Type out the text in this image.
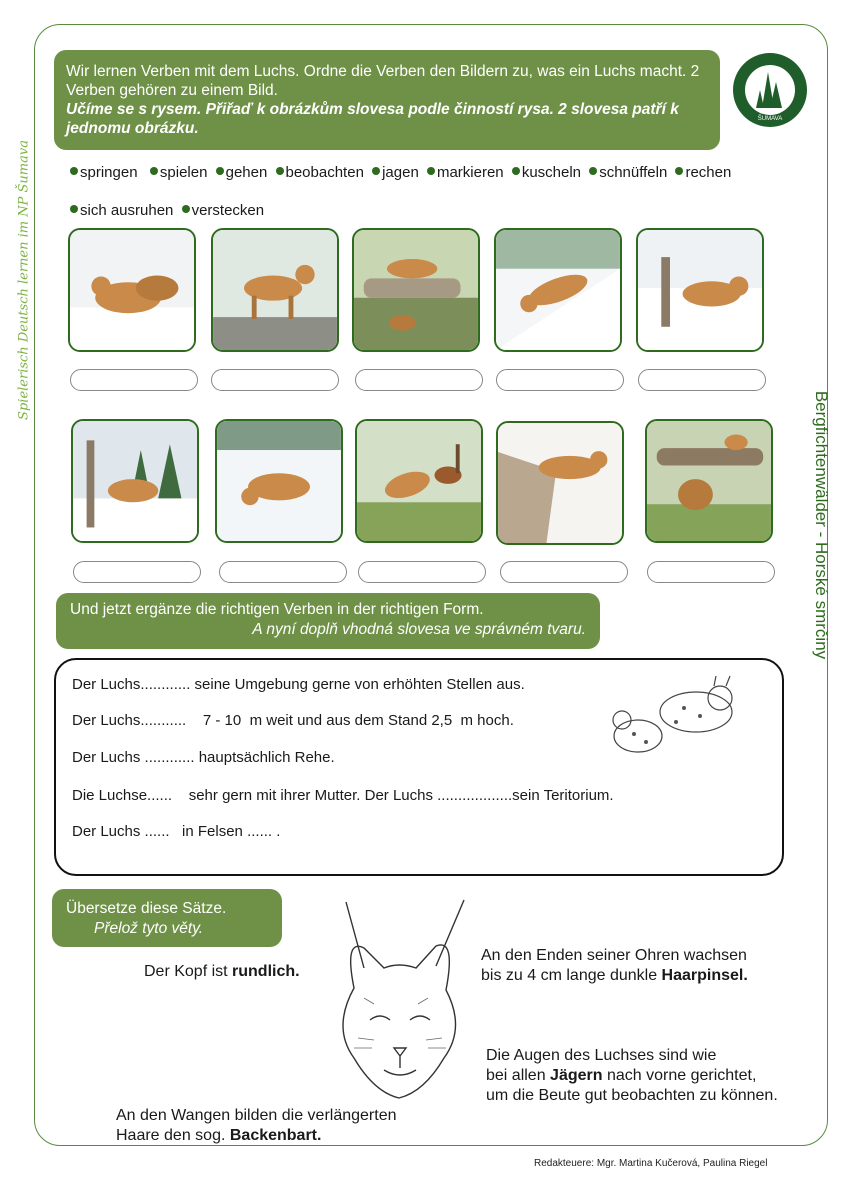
Spielerisch Deutsch lernen im NP Šumava
Bergfichtenwälder - Horské smrčiny
Wir lernen Verben mit dem Luchs. Ordne die Verben den Bildern zu, was ein Luchs macht. 2 Verben gehören zu einem Bild.
Učíme se s rysem. Přiřaď k obrázkům slovesa podle činností rysa. 2 slovesa patří k jednomu obrázku.
ŠUMAVA
springen spielen gehen beobachten jagen markieren kuscheln schnüffeln rechen
sich ausruhen verstecken
Und jetzt ergänze die richtigen Verben in der richtigen Form.
A nyní doplň vhodná slovesa ve správném tvaru.
Der Luchs............ seine Umgebung gerne von erhöhten Stellen aus.
Der Luchs...........    7 - 10  m weit und aus dem Stand 2,5  m hoch.
Der Luchs ............ hauptsächlich Rehe.
Die Luchse......    sehr gern mit ihrer Mutter. Der Luchs ..................sein Teritorium.
Der Luchs ......   in Felsen ...... .
Übersetze diese Sätze.
Přelož tyto věty.
Der Kopf ist rundlich.
An den Enden seiner Ohren wachsen
bis zu 4 cm lange dunkle Haarpinsel.
Die Augen des Luchses sind wie
bei allen Jägern nach vorne gerichtet,
um die Beute gut beobachten zu können.
An den Wangen bilden die verlängerten
Haare den sog. Backenbart.
Redakteuere: Mgr. Martina Kučerová, Paulina Riegel
